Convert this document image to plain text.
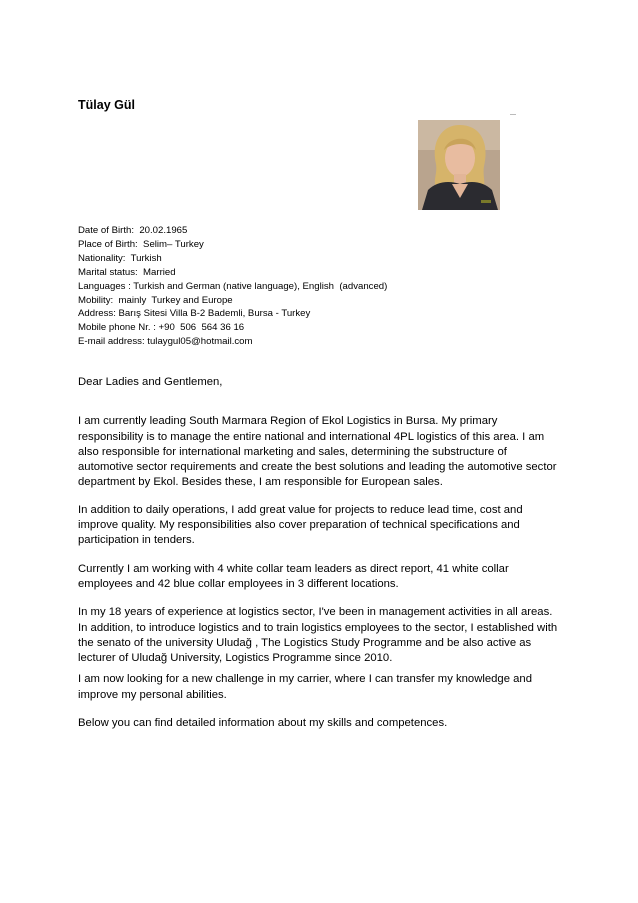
Tülay Gül
Date of Birth:  20.02.1965
Place of Birth:  Selim– Turkey
Nationality:  Turkish
Marital status:  Married
Languages : Turkish and German (native language), English  (advanced)
Mobility:  mainly  Turkey and Europe
Address: Barış Sitesi Villa B-2 Bademli, Bursa - Turkey
Mobile phone Nr. : +90  506  564 36 16
E-mail address: tulaygul05@hotmail.com

Dear Ladies and Gentlemen,

I am currently leading South Marmara Region of Ekol Logistics in Bursa. My primary responsibility is to manage the entire national and international 4PL logistics of this area. I am also responsible for international marketing and sales, determining the substructure of automotive sector requirements and create the best solutions and leading the automotive sector department by Ekol. Besides these, I am responsible for European sales.

In addition to daily operations, I add great value for projects to reduce lead time, cost and improve quality. My responsibilities also cover preparation of technical specifications and participation in tenders.

Currently I am working with 4 white collar team leaders as direct report, 41 white collar employees and 42 blue collar employees in 3 different locations.

In my 18 years of experience at logistics sector, I've been in management activities in all areas. In addition, to introduce logistics and to train logistics employees to the sector, I established with the senato of the university Uludağ , The Logistics Study Programme and be also active as lecturer of Uludağ University, Logistics Programme since 2010.

I am now looking for a new challenge in my carrier, where I can transfer my knowledge and improve my personal abilities.

Below you can find detailed information about my skills and competences.
